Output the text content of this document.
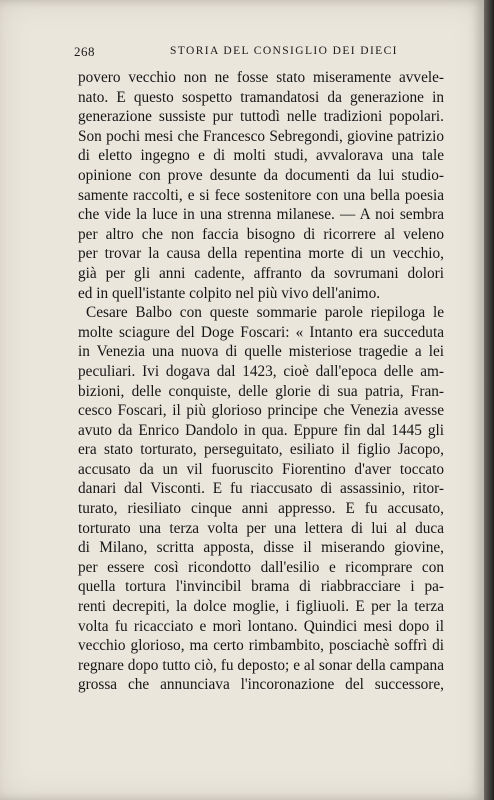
268	STORIA DEL CONSIGLIO DEI DIECI
povero vecchio non ne fosse stato miseramente avvele-
nato. E questo sospetto tramandatosi da generazione in
generazione sussiste pur tuttodì nelle tradizioni popolari.
Son pochi mesi che Francesco Sebregondi, giovine patrizio
di eletto ingegno e di molti studi, avvalorava una tale
opinione con prove desunte da documenti da lui studio-
samente raccolti, e si fece sostenitore con una bella poesia
che vide la luce in una strenna milanese. — A noi sembra
per altro che non faccia bisogno di ricorrere al veleno
per trovar la causa della repentina morte di un vecchio,
già per gli anni cadente, affranto da sovrumani dolori
ed in quell'istante colpito nel più vivo dell'animo.
Cesare Balbo con queste sommarie parole riepiloga le
molte sciagure del Doge Foscari: « Intanto era succeduta
in Venezia una nuova di quelle misteriose tragedie a lei
peculiari. Ivi dogava dal 1423, cioè dall'epoca delle am-
bizioni, delle conquiste, delle glorie di sua patria, Fran-
cesco Foscari, il più glorioso principe che Venezia avesse
avuto da Enrico Dandolo in qua. Eppure fin dal 1445 gli
era stato torturato, perseguitato, esiliato il figlio Jacopo,
accusato da un vil fuoruscito Fiorentino d'aver toccato
danari dal Visconti. E fu riaccusato di assassinio, ritor-
turato, riesiliato cinque anni appresso. E fu accusato,
torturato una terza volta per una lettera di lui al duca
di Milano, scritta apposta, disse il miserando giovine,
per essere così ricondotto dall'esilio e ricomprare con
quella tortura l'invincibil brama di riabbracciare i pa-
renti decrepiti, la dolce moglie, i figliuoli. E per la terza
volta fu ricacciato e morì lontano. Quindici mesi dopo il
vecchio glorioso, ma certo rimbambito, posciachè soffrì di
regnare dopo tutto ciò, fu deposto; e al sonar della campana
grossa che annunciava l'incoronazione del successore,
